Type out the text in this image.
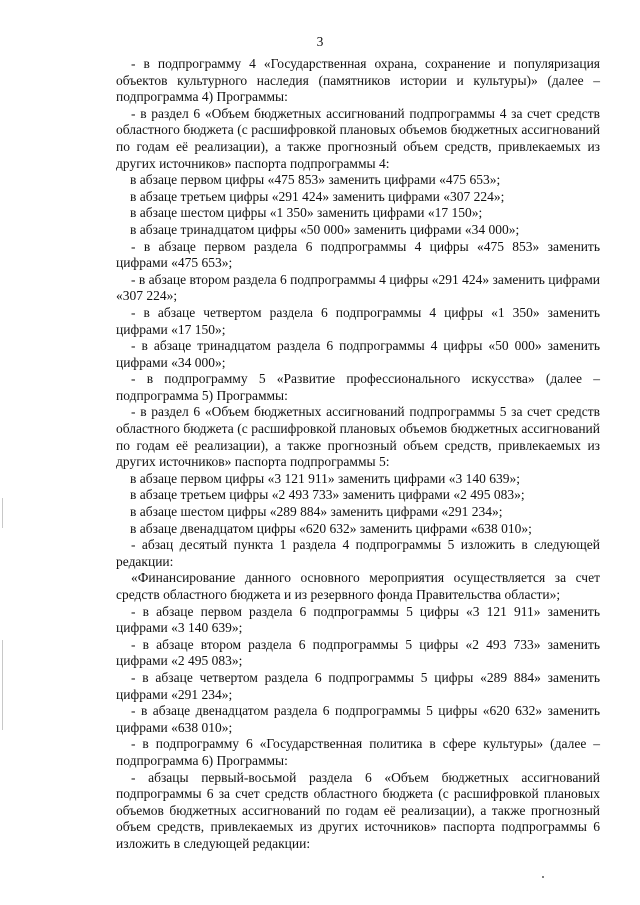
3

- в подпрограмму 4 «Государственная охрана, сохранение и популяризация объектов культурного наследия (памятников истории и культуры)» (далее – подпрограмма 4) Программы:

- в раздел 6 «Объем бюджетных ассигнований подпрограммы 4 за счет средств областного бюджета (с расшифровкой плановых объемов бюджетных ассигнований по годам её реализации), а также прогнозный объем средств, привлекаемых из других источников» паспорта подпрограммы 4:

в абзаце первом цифры «475 853» заменить цифрами «475 653»;

в абзаце третьем цифры «291 424» заменить цифрами «307 224»;

в абзаце шестом цифры «1 350» заменить цифрами «17 150»;

в абзаце тринадцатом цифры «50 000» заменить цифрами «34 000»;

- в абзаце первом раздела 6 подпрограммы 4 цифры «475 853» заменить цифрами «475 653»;

- в абзаце втором раздела 6 подпрограммы 4 цифры «291 424» заменить цифрами «307 224»;

- в абзаце четвертом раздела 6 подпрограммы 4 цифры «1 350» заменить цифрами «17 150»;

- в абзаце тринадцатом раздела 6 подпрограммы 4 цифры «50 000» заменить цифрами «34 000»;

- в подпрограмму 5 «Развитие профессионального искусства» (далее – подпрограмма 5) Программы:

- в раздел 6 «Объем бюджетных ассигнований подпрограммы 5 за счет средств областного бюджета (с расшифровкой плановых объемов бюджетных ассигнований по годам её реализации), а также прогнозный объем средств, привлекаемых из других источников» паспорта подпрограммы 5:

в абзаце первом цифры «3 121 911» заменить цифрами «3 140 639»;

в абзаце третьем цифры «2 493 733» заменить цифрами «2 495 083»;

в абзаце шестом цифры «289 884» заменить цифрами «291 234»;

в абзаце двенадцатом цифры «620 632» заменить цифрами «638 010»;

- абзац десятый пункта 1 раздела 4 подпрограммы 5 изложить в следующей редакции:

«Финансирование данного основного мероприятия осуществляется за счет средств областного бюджета и из резервного фонда Правительства области»;

- в абзаце первом раздела 6 подпрограммы 5 цифры «3 121 911» заменить цифрами «3 140 639»;

- в абзаце втором раздела 6 подпрограммы 5 цифры «2 493 733» заменить цифрами «2 495 083»;

- в абзаце четвертом раздела 6 подпрограммы 5 цифры «289 884» заменить цифрами «291 234»;

- в абзаце двенадцатом раздела 6 подпрограммы 5 цифры «620 632» заменить цифрами «638 010»;

- в подпрограмму 6 «Государственная политика в сфере культуры» (далее – подпрограмма 6) Программы:

- абзацы первый-восьмой раздела 6 «Объем бюджетных ассигнований подпрограммы 6 за счет средств областного бюджета (с расшифровкой плановых объемов бюджетных ассигнований по годам её реализации), а также прогнозный объем средств, привлекаемых из других источников» паспорта подпрограммы 6 изложить в следующей редакции:
